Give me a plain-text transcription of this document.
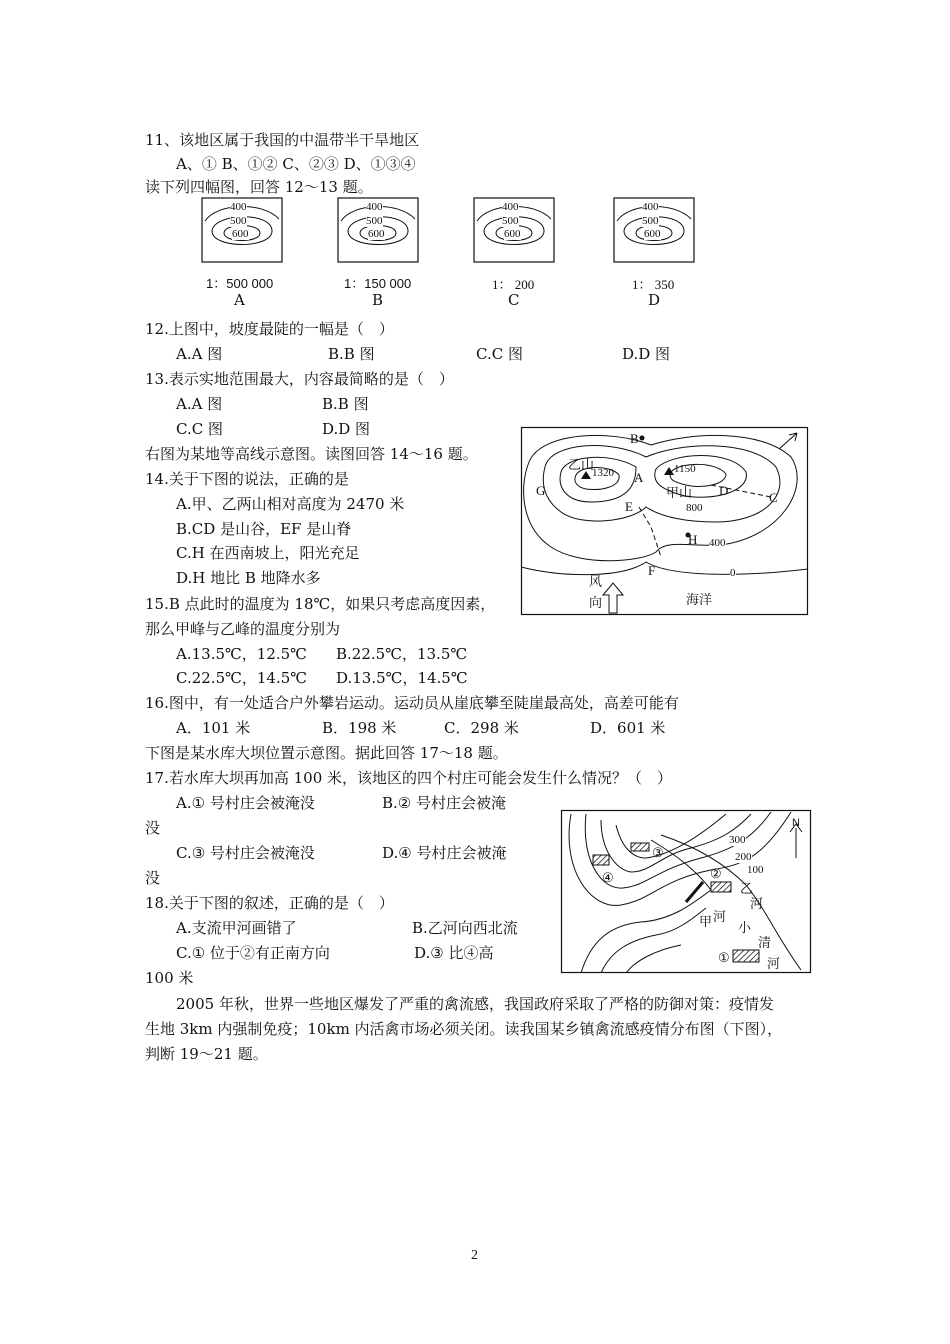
11、该地区属于我国的中温带半干旱地区
A、① B、①② C、②③ D、①③④
读下列四幅图，回答 12～13 题。
400
500
600
400
500
600
400
500
600
400
500
600
1：500 000
A
1：150 000
B
1： 200
C
1： 350
D
12.上图中，坡度最陡的一幅是（　）
A.A 图	B.B 图	C.C 图	D.D 图
13.表示实地范围最大，内容最简略的是（　）
A.A 图	B.B 图
C.C 图	D.D 图
右图为某地等高线示意图。读图回答 14～16 题。
14.关于下图的说法，正确的是
A.甲、乙两山相对高度为 2470 米
B.CD 是山谷，EF 是山脊
C.H 在西南坡上，阳光充足
D.H 地比 B 地降水多
B
乙山
1320 A
1150
甲山
G	D	C
E	800
H 400
F	0
风
向	海洋
15.B 点此时的温度为 18℃，如果只考虑高度因素，
那么甲峰与乙峰的温度分别为
A.13.5℃，12.5℃ B.22.5℃，13.5℃
C.22.5℃，14.5℃ D.13.5℃，14.5℃
16.图中，有一处适合户外攀岩运动。运动员从崖底攀至陡崖最高处，高差可能有
A．101 米	B．198 米	C．298 米	D．601 米
下图是某水库大坝位置示意图。据此回答 17～18 题。
17.若水库大坝再加高 100 米，该地区的四个村庄可能会发生什么情况？（　）
A.① 号村庄会被淹没	B.② 号村庄会被淹
没
C.③ 号村庄会被淹没	D.④ 号村庄会被淹
没
300
200
100
N
③
④	②
乙
河
甲 河
小
清
①	河
18.关于下图的叙述，正确的是（　）
A.支流甲河画错了	B.乙河向西北流
C.① 位于②有正南方向	D.③ 比④高
100 米
2005 年秋，世界一些地区爆发了严重的禽流感，我国政府采取了严格的防御对策：疫情发
生地 3km 内强制免疫；10km 内活禽市场必须关闭。读我国某乡镇禽流感疫情分布图（下图），
判断 19～21 题。
2
